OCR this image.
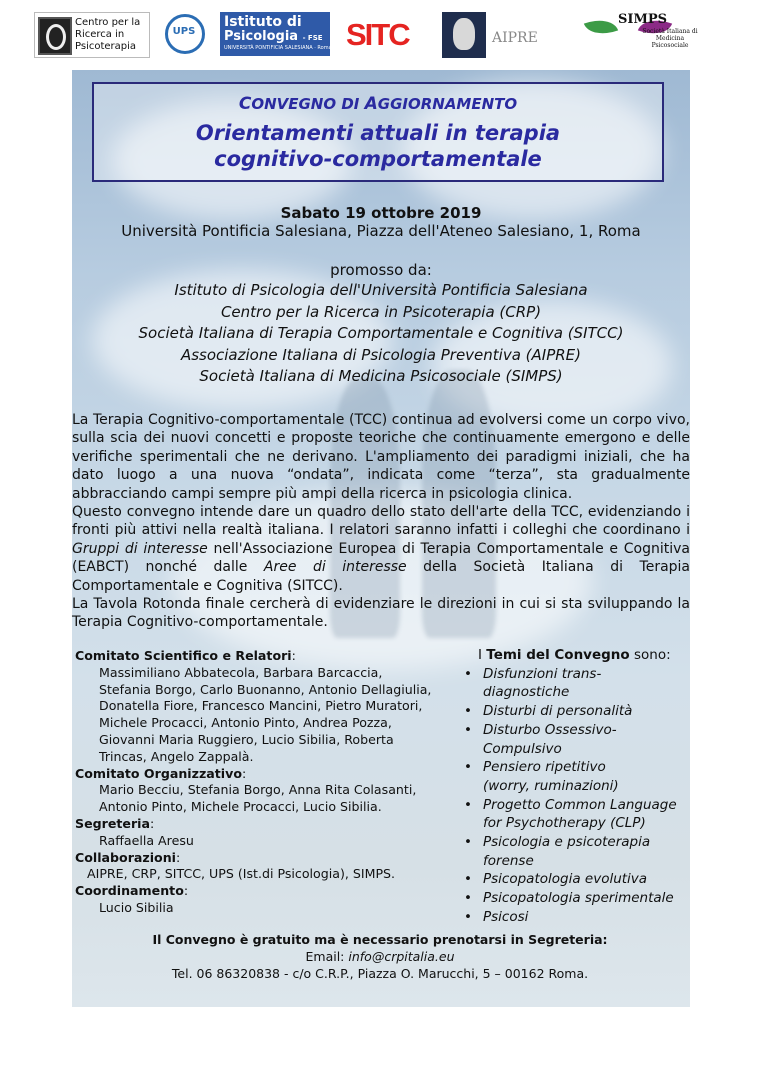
Centro per la
Ricerca in
Psicoterapia
UPS
Istituto di
Psicologia - FSE
UNIVERSITÀ PONTIFICIA SALESIANA · Roma SITC	AIPRE
SIMPS
Società Italiana di Medicina Psicosociale
CONVEGNO DI AGGIORNAMENTO
Orientamenti attuali in terapia
cognitivo-comportamentale
Sabato 19 ottobre 2019
Università Pontificia Salesiana, Piazza dell'Ateneo Salesiano, 1, Roma
promosso da:
Istituto di Psicologia dell'Università Pontificia Salesiana
Centro per la Ricerca in Psicoterapia (CRP)
Società Italiana di Terapia Comportamentale e Cognitiva (SITCC)
Associazione Italiana di Psicologia Preventiva (AIPRE)
Società Italiana di Medicina Psicosociale (SIMPS)

La Terapia Cognitivo-comportamentale (TCC) continua ad evolversi come un corpo vivo, sulla scia dei nuovi concetti e proposte teoriche che continuamente emergono e delle verifiche sperimentali che ne derivano. L'ampliamento dei paradigmi iniziali, che ha dato luogo a una nuova “ondata”, indicata come “terza”, sta gradualmente abbracciando campi sempre più ampi della ricerca in psicologia clinica.

Questo convegno intende dare un quadro dello stato dell'arte della TCC, evidenziando i fronti più attivi nella realtà italiana. I relatori saranno infatti i colleghi che coordinano i Gruppi di interesse nell'Associazione Europea di Terapia Comportamentale e Cognitiva (EABCT) nonché dalle Aree di interesse della Società Italiana di Terapia Comportamentale e Cognitiva (SITCC).

La Tavola Rotonda finale cercherà di evidenziare le direzioni in cui si sta sviluppando la Terapia Cognitivo-comportamentale.

Comitato Scientifico e Relatori:
Massimiliano Abbatecola, Barbara Barcaccia,
Stefania Borgo, Carlo Buonanno, Antonio Dellagiulia,
Donatella Fiore, Francesco Mancini, Pietro Muratori,
Michele Procacci, Antonio Pinto, Andrea Pozza,
Giovanni Maria Ruggiero, Lucio Sibilia, Roberta
Trincas, Angelo Zappalà.
Comitato Organizzativo:
Mario Becciu, Stefania Borgo, Anna Rita Colasanti,
Antonio Pinto, Michele Procacci, Lucio Sibilia.
Segreteria:
Raffaella Aresu
Collaborazioni:
AIPRE, CRP, SITCC, UPS (Ist.di Psicologia), SIMPS.
Coordinamento:
Lucio Sibilia
I Temi del Convegno sono:
• Disfunzioni trans-
diagnostiche
• Disturbi di personalità
• Disturbo Ossessivo-
Compulsivo
• Pensiero ripetitivo
(worry, ruminazioni)
• Progetto Common Language
for Psychotherapy (CLP)
• Psicologia e psicoterapia
forense
• Psicopatologia evolutiva
• Psicopatologia sperimentale
• Psicosi
Il Convegno è gratuito ma è necessario prenotarsi in Segreteria:
Email: info@crpitalia.eu
Tel. 06 86320838 - c/o C.R.P., Piazza O. Marucchi, 5 – 00162 Roma.
